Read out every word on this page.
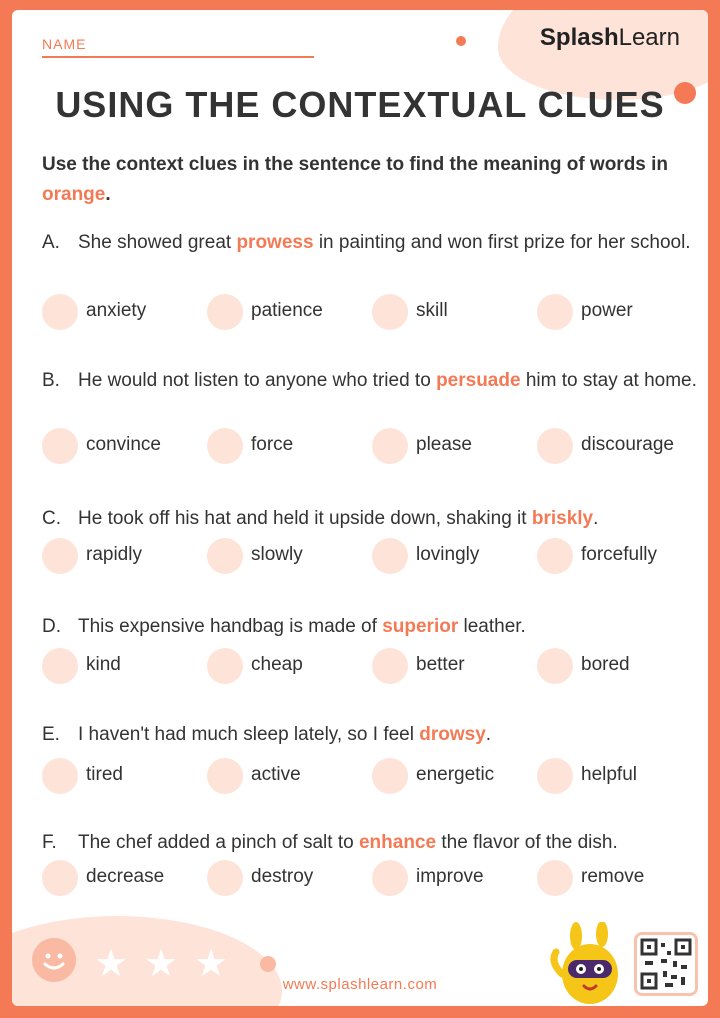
NAME	SplashLearn
USING THE CONTEXTUAL CLUES
Use the context clues in the sentence to find the meaning of words in orange.
A. She showed great prowess in painting and won first prize for her school.
anxiety	patience	skill	power
B. He would not listen to anyone who tried to persuade him to stay at home.
convince	force	please	discourage
C. He took off his hat and held it upside down, shaking it briskly.
rapidly	slowly	lovingly	forcefully
D. This expensive handbag is made of superior leather.
kind	cheap	better	bored
E. I haven't had much sleep lately, so I feel drowsy.
tired	active	energetic	helpful
F. The chef added a pinch of salt to enhance the flavor of the dish.
decrease	destroy	improve	remove
★ ★ ★	www.splashlearn.com
